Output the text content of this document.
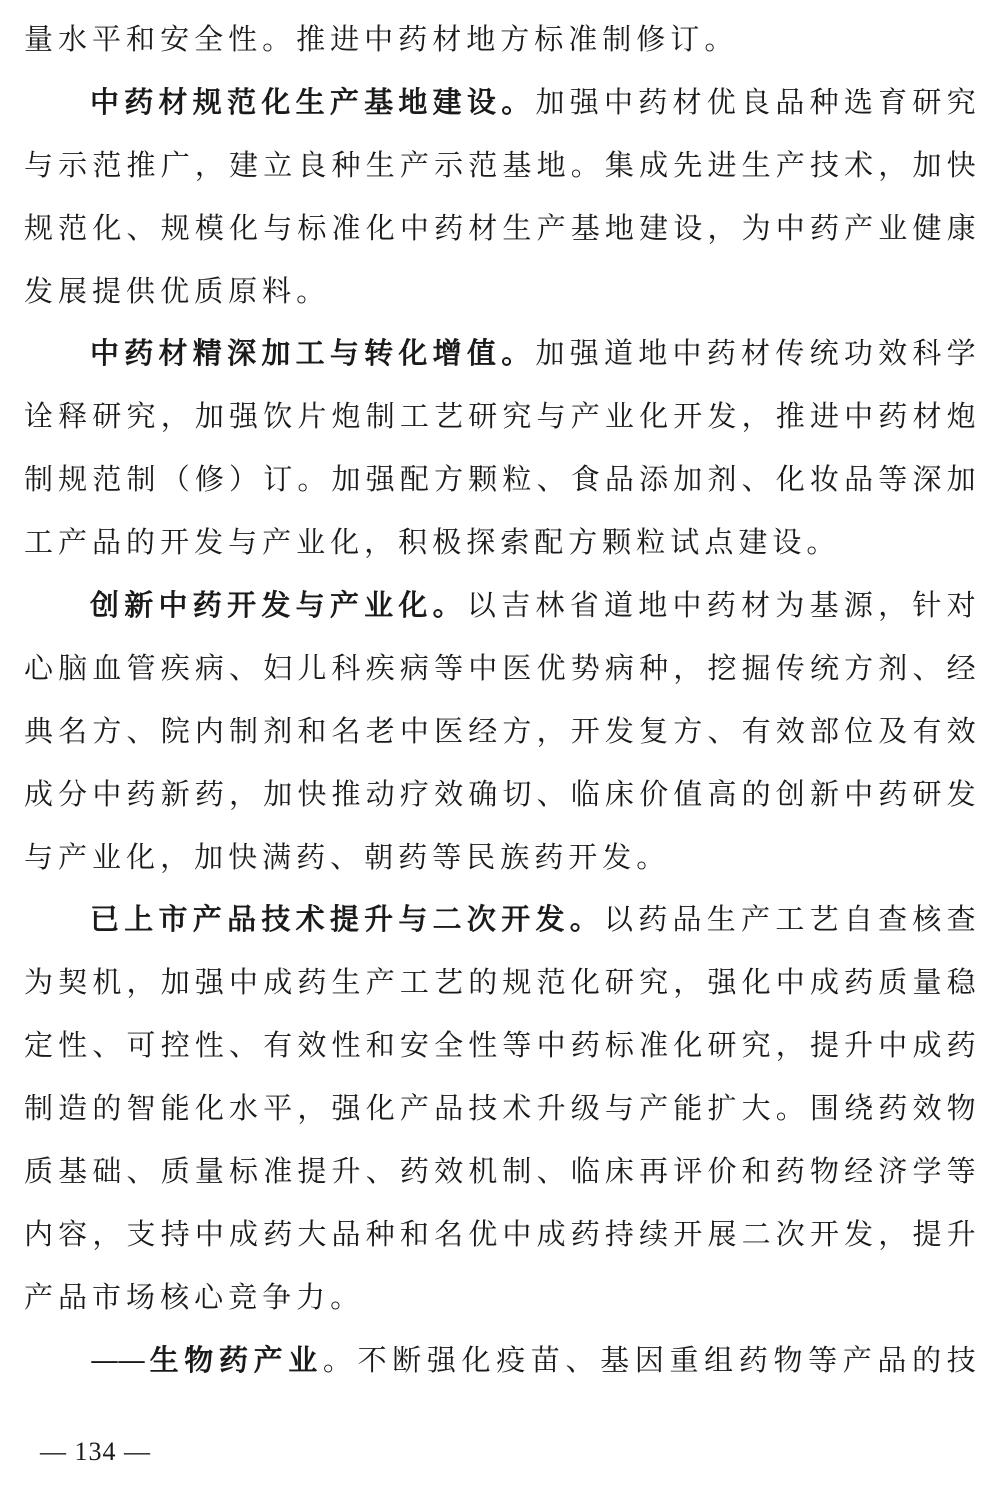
量 水 平 和 安 全 性 。 推 进 中 药 材 地 方 标 准 制 修 订 。
中 药 材 规 范 化 生 产 基 地 建 设 。 加 强 中 药 材 优 良 品 种 选 育 研 究
与 示 范 推 广 ， 建 立 良 种 生 产 示 范 基 地 。 集 成 先 进 生 产 技 术 ， 加 快
规 范 化 、 规 模 化 与 标 准 化 中 药 材 生 产 基 地 建 设 ， 为 中 药 产 业 健 康
发 展 提 供 优 质 原 料 。
中 药 材 精 深 加 工 与 转 化 增 值 。 加 强 道 地 中 药 材 传 统 功 效 科 学
诠 释 研 究 ， 加 强 饮 片 炮 制 工 艺 研 究 与 产 业 化 开 发 ， 推 进 中 药 材 炮
制 规 范 制 （ 修 ） 订 。 加 强 配 方 颗 粒 、 食 品 添 加 剂 、 化 妆 品 等 深 加
工 产 品 的 开 发 与 产 业 化 ， 积 极 探 索 配 方 颗 粒 试 点 建 设 。
创 新 中 药 开 发 与 产 业 化 。 以 吉 林 省 道 地 中 药 材 为 基 源 ， 针 对
心 脑 血 管 疾 病 、 妇 儿 科 疾 病 等 中 医 优 势 病 种 ， 挖 掘 传 统 方 剂 、 经
典 名 方 、 院 内 制 剂 和 名 老 中 医 经 方 ， 开 发 复 方 、 有 效 部 位 及 有 效
成 分 中 药 新 药 ， 加 快 推 动 疗 效 确 切 、 临 床 价 值 高 的 创 新 中 药 研 发
与 产 业 化 ， 加 快 满 药 、 朝 药 等 民 族 药 开 发 。
已 上 市 产 品 技 术 提 升 与 二 次 开 发 。 以 药 品 生 产 工 艺 自 查 核 查
为 契 机 ， 加 强 中 成 药 生 产 工 艺 的 规 范 化 研 究 ， 强 化 中 成 药 质 量 稳
定 性 、 可 控 性 、 有 效 性 和 安 全 性 等 中 药 标 准 化 研 究 ， 提 升 中 成 药
制 造 的 智 能 化 水 平 ， 强 化 产 品 技 术 升 级 与 产 能 扩 大 。 围 绕 药 效 物
质 基 础 、 质 量 标 准 提 升 、 药 效 机 制 、 临 床 再 评 价 和 药 物 经 济 学 等
内 容 ， 支 持 中 成 药 大 品 种 和 名 优 中 成 药 持 续 开 展 二 次 开 发 ， 提 升
产 品 市 场 核 心 竞 争 力 。
—— 生 物 药 产 业 。 不 断 强 化 疫 苗 、 基 因 重 组 药 物 等 产 品 的 技
— 134 —
